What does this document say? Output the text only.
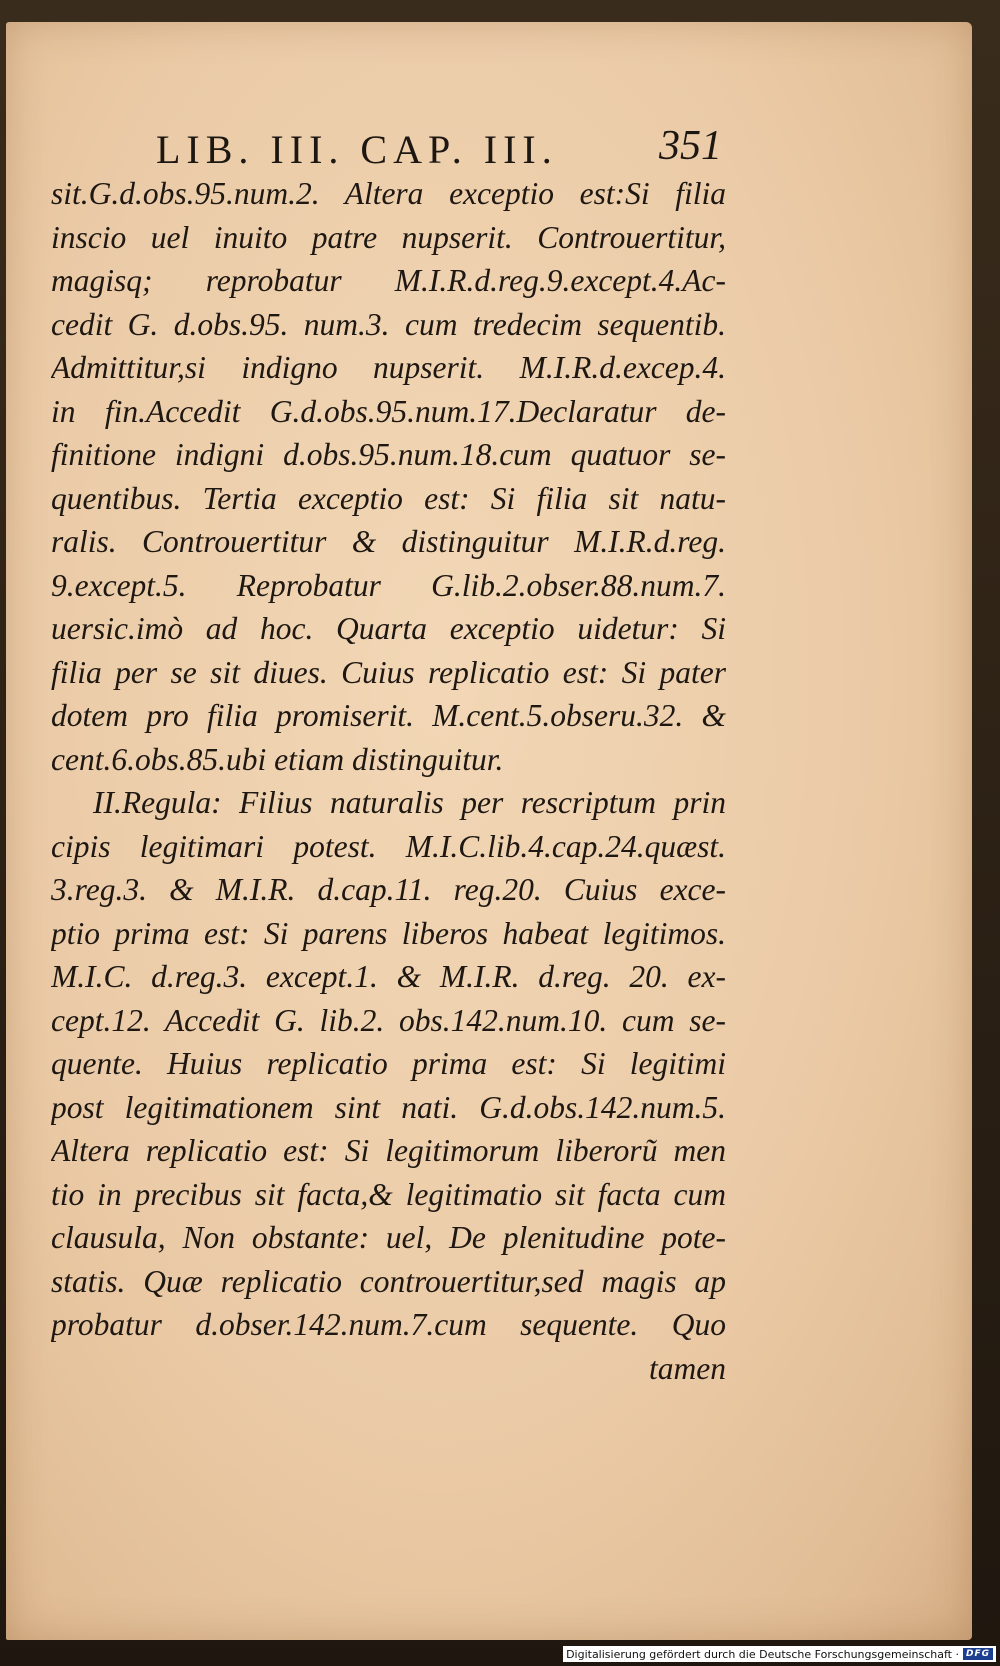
LIB. III. CAP. III. 351
sit.G.d.obs.95.num.2. Altera exceptio est:Si filia
inscio uel inuito patre nupserit. Controuertitur,
magisq; reprobatur M.I.R.d.reg.9.except.4.Ac-
cedit G. d.obs.95. num.3. cum tredecim sequentib.
Admittitur,si indigno nupserit. M.I.R.d.excep.4.
in fin.Accedit G.d.obs.95.num.17.Declaratur de-
finitione indigni d.obs.95.num.18.cum quatuor se-
quentibus. Tertia exceptio est: Si filia sit natu-
ralis. Controuertitur & distinguitur M.I.R.d.reg.
9.except.5. Reprobatur G.lib.2.obser.88.num.7.
uersic.imò ad hoc. Quarta exceptio uidetur: Si
filia per se sit diues. Cuius replicatio est: Si pater
dotem pro filia promiserit. M.cent.5.obseru.32. &
cent.6.obs.85.ubi etiam distinguitur.
II.Regula: Filius naturalis per rescriptum prin
cipis legitimari potest. M.I.C.lib.4.cap.24.quæst.
3.reg.3. & M.I.R. d.cap.11. reg.20. Cuius exce-
ptio prima est: Si parens liberos habeat legitimos.
M.I.C. d.reg.3. except.1. & M.I.R. d.reg. 20. ex-
cept.12. Accedit G. lib.2. obs.142.num.10. cum se-
quente. Huius replicatio prima est: Si legitimi
post legitimationem sint nati. G.d.obs.142.num.5.
Altera replicatio est: Si legitimorum liberorũ men
tio in precibus sit facta,& legitimatio sit facta cum
clausula, Non obstante: uel, De plenitudine pote-
statis. Quæ replicatio controuertitur,sed magis ap
probatur d.obser.142.num.7.cum sequente. Quo
tamen
Digitalisierung gefördert durch die Deutsche Forschungsgemeinschaft · DFG
